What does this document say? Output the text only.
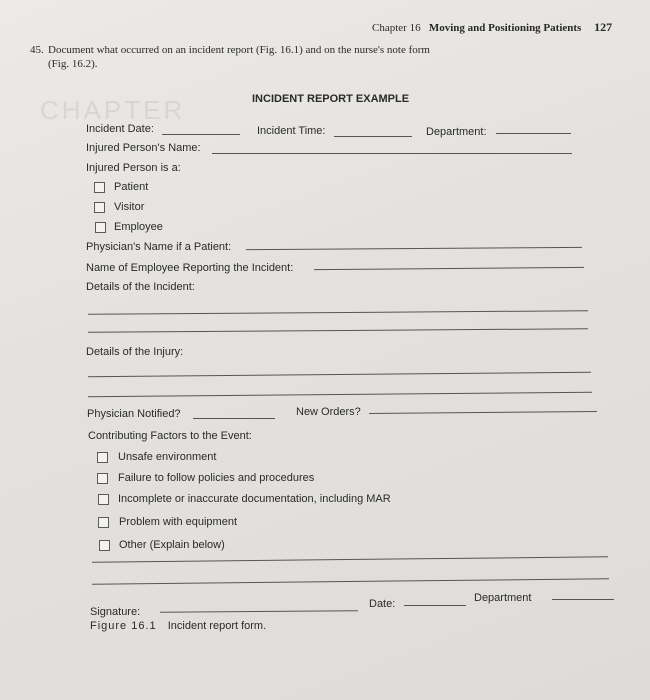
Chapter 16 Moving and Positioning Patients 127
45. Document what occurred on an incident report (Fig. 16.1) and on the nurse's note form (Fig. 16.2).
CHAPTER	INCIDENT REPORT EXAMPLE
Incident Date:	Incident Time:	Department:
Injured Person's Name:
Injured Person is a:
Patient
Visitor
Employee
Physician's Name if a Patient:
Name of Employee Reporting the Incident:
Details of the Incident:
Details of the Injury:
Physician Notified?	New Orders?
Contributing Factors to the Event:
Unsafe environment
Failure to follow policies and procedures
Incomplete or inaccurate documentation, including MAR
Problem with equipment
Other (Explain below)
Signature:
Date:	Department
Figure 16.1 Incident report form.
